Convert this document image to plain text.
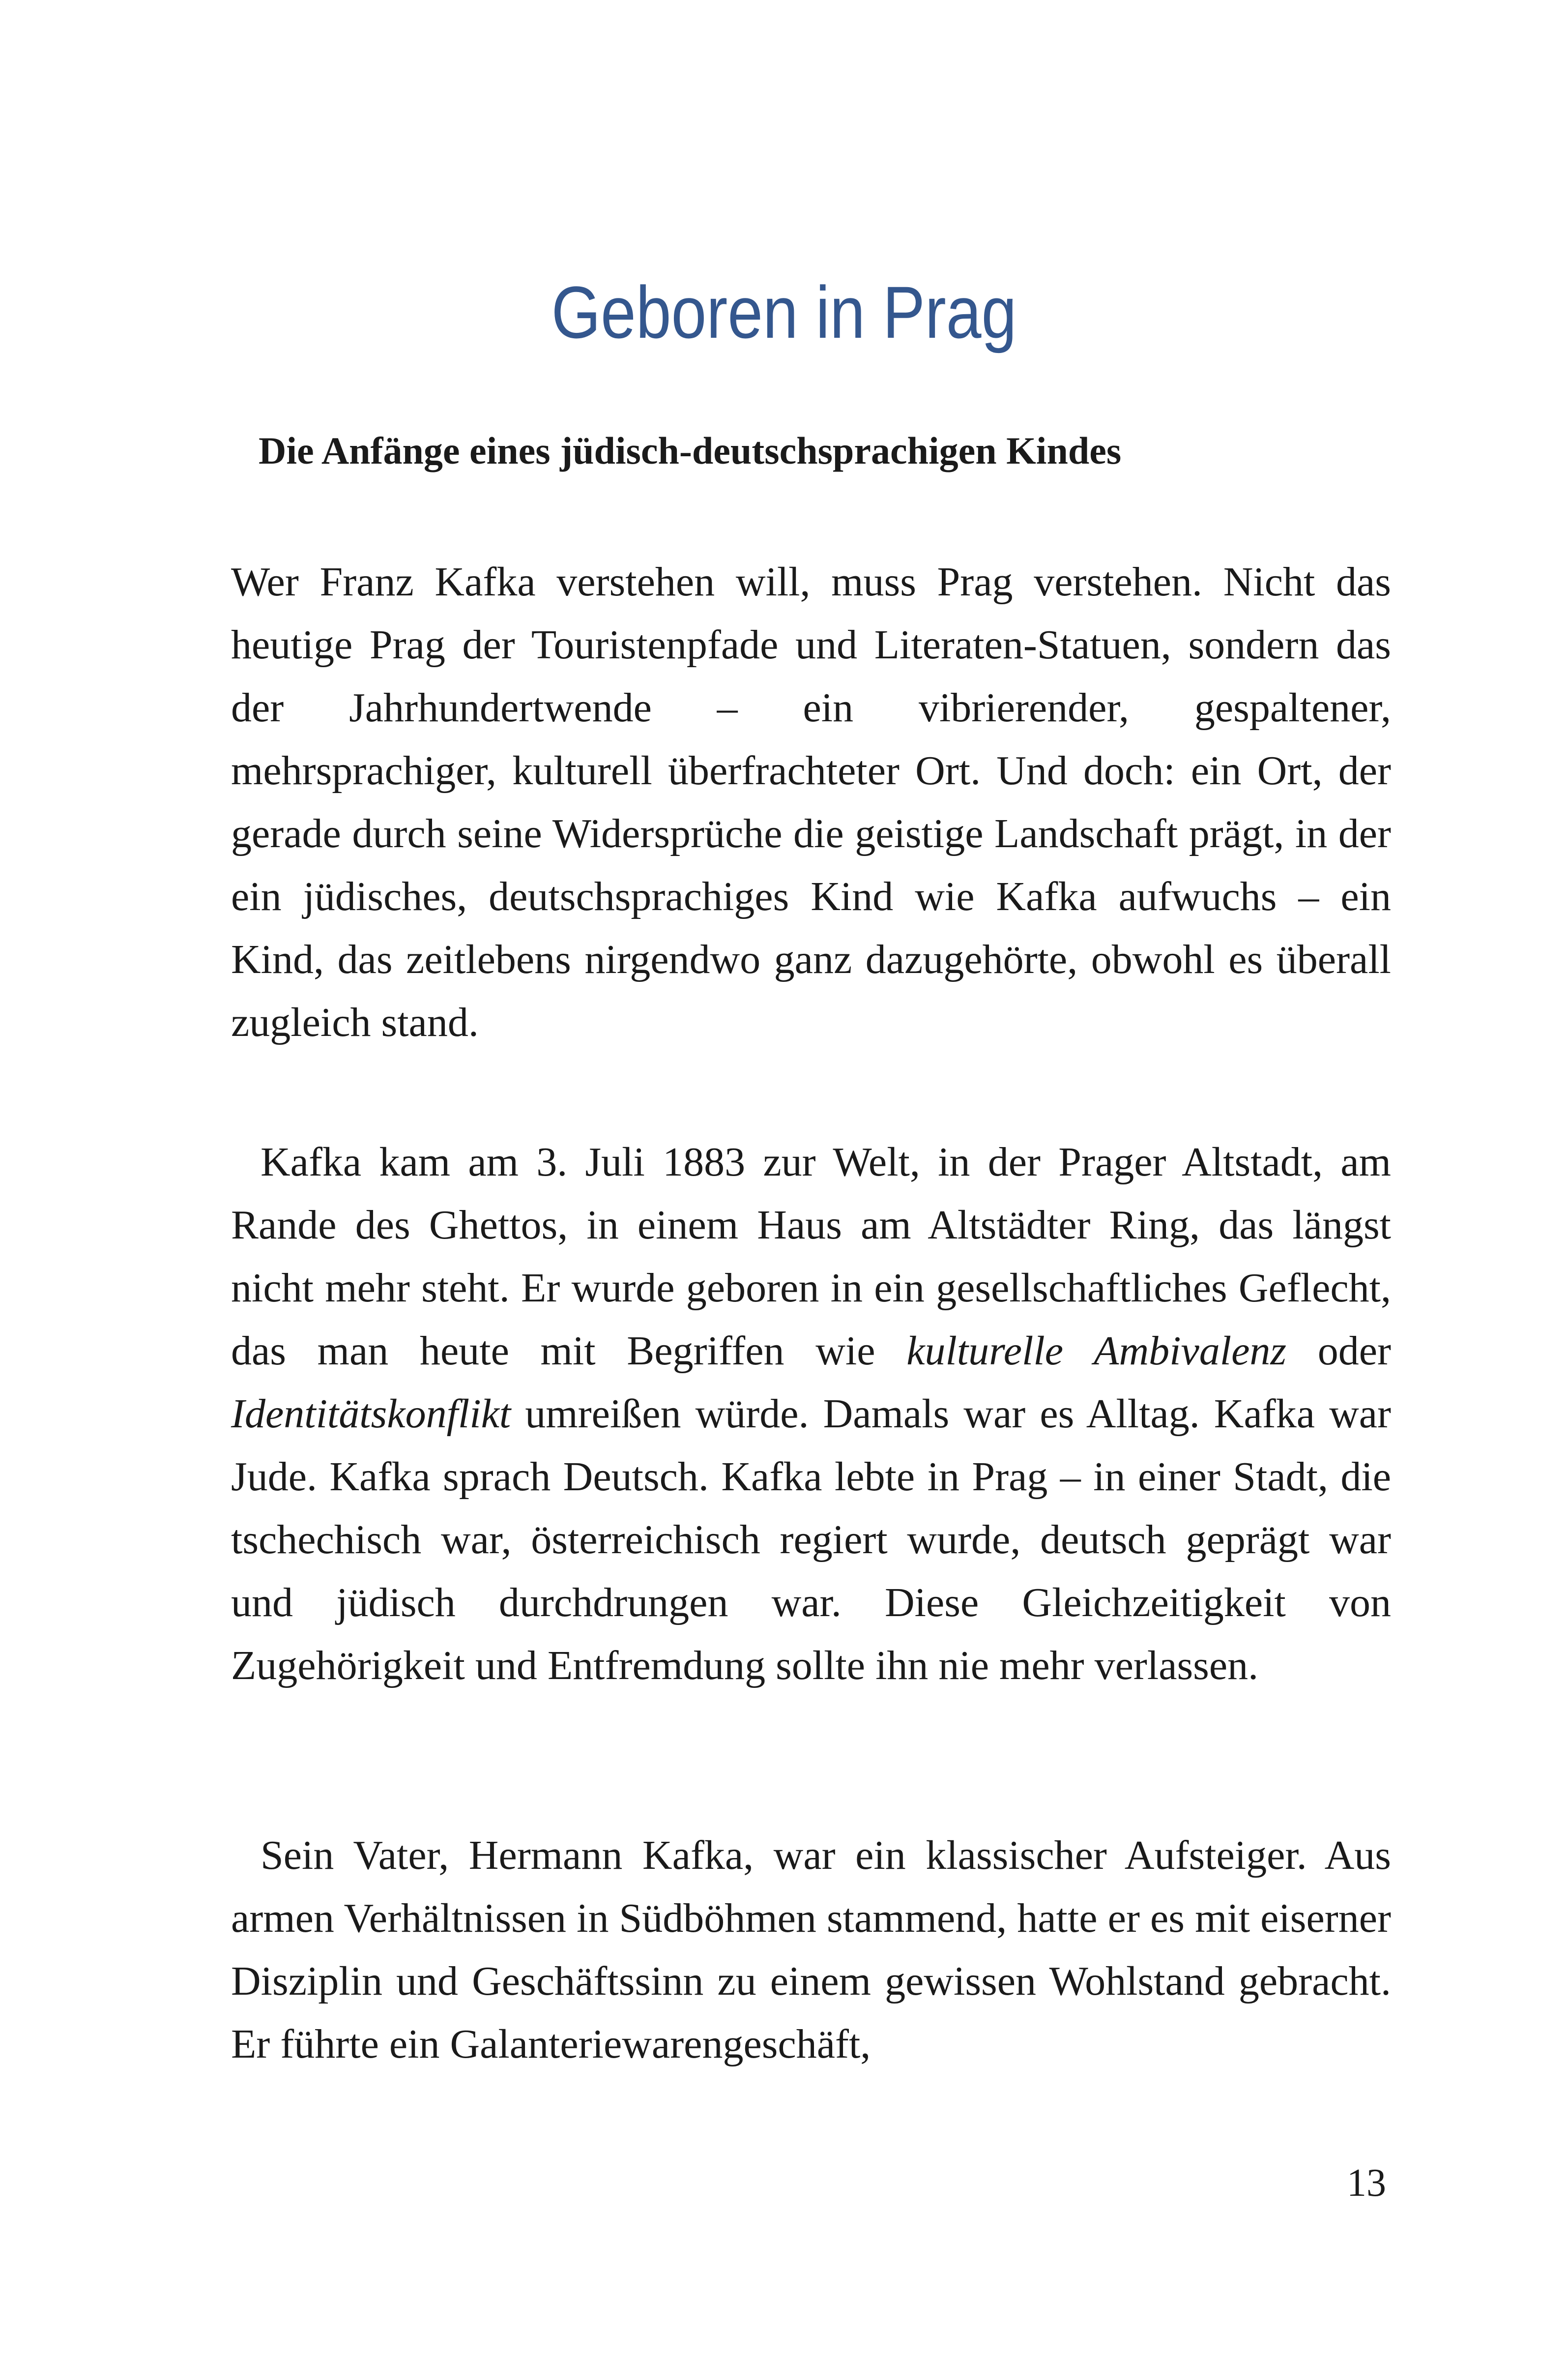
Geboren in Prag
Die Anfänge eines jüdisch-deutschsprachigen Kindes

Wer Franz Kafka verstehen will, muss Prag verstehen. Nicht das heutige Prag der Touristenpfade und Literaten-Statuen, sondern das der Jahrhundertwende – ein vibrierender, gespaltener, mehrsprachiger, kulturell überfrachteter Ort. Und doch: ein Ort, der gerade durch seine Widersprüche die geistige Landschaft prägt, in der ein jüdisches, deutschsprachiges Kind wie Kafka aufwuchs – ein Kind, das zeitlebens nirgendwo ganz dazugehörte, obwohl es überall zugleich stand.

Kafka kam am 3. Juli 1883 zur Welt, in der Prager Altstadt, am Rande des Ghettos, in einem Haus am Altstädter Ring, das längst nicht mehr steht. Er wurde geboren in ein gesellschaftliches Geflecht, das man heute mit Begriffen wie kulturelle Ambivalenz oder Identitätskonflikt umreißen würde. Damals war es Alltag. Kafka war Jude. Kafka sprach Deutsch. Kafka lebte in Prag – in einer Stadt, die tschechisch war, österreichisch regiert wurde, deutsch geprägt war und jüdisch durchdrungen war. Diese Gleichzeitigkeit von Zugehörigkeit und Entfremdung sollte ihn nie mehr verlassen.

Sein Vater, Hermann Kafka, war ein klassischer Aufsteiger. Aus armen Verhältnissen in Südböhmen stammend, hatte er es mit eiserner Disziplin und Geschäftssinn zu einem gewissen Wohlstand gebracht. Er führte ein Galanteriewarengeschäft,

13
